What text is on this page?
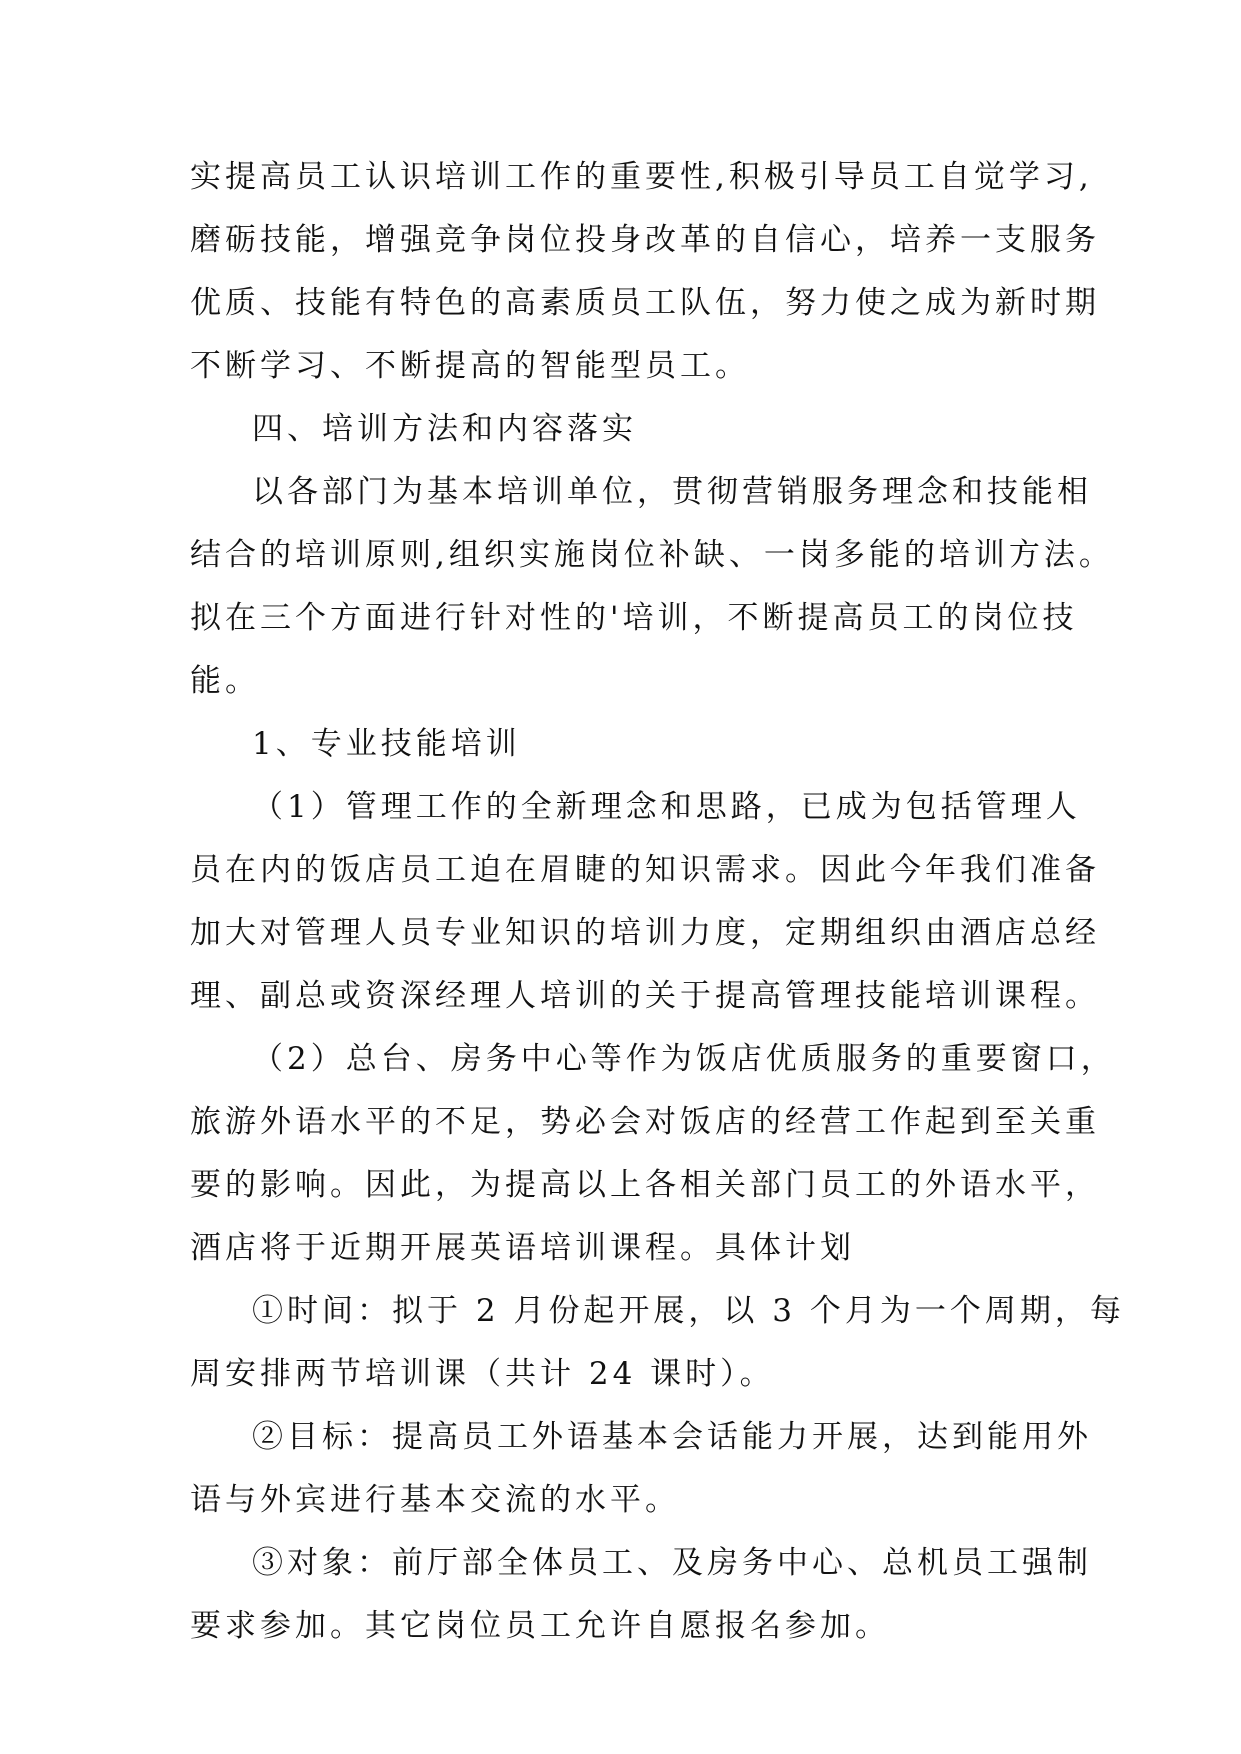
实提高员工认识培训工作的重要性,积极引导员工自觉学习,
磨砺技能，增强竞争岗位投身改革的自信心，培养一支服务
优质、技能有特色的高素质员工队伍，努力使之成为新时期
不断学习、不断提高的智能型员工。
四、培训方法和内容落实
以各部门为基本培训单位，贯彻营销服务理念和技能相
结合的培训原则,组织实施岗位补缺、一岗多能的培训方法。
拟在三个方面进行针对性的'培训，不断提高员工的岗位技
能。
1、专业技能培训
（1）管理工作的全新理念和思路，已成为包括管理人
员在内的饭店员工迫在眉睫的知识需求。因此今年我们准备
加大对管理人员专业知识的培训力度，定期组织由酒店总经
理、副总或资深经理人培训的关于提高管理技能培训课程。
（2）总台、房务中心等作为饭店优质服务的重要窗口，
旅游外语水平的不足，势必会对饭店的经营工作起到至关重
要的影响。因此，为提高以上各相关部门员工的外语水平，
酒店将于近期开展英语培训课程。具体计划
①时间：拟于 2 月份起开展，以 3 个月为一个周期，每
周安排两节培训课（共计 24 课时）。
②目标：提高员工外语基本会话能力开展，达到能用外
语与外宾进行基本交流的水平。
③对象：前厅部全体员工、及房务中心、总机员工强制
要求参加。其它岗位员工允许自愿报名参加。
